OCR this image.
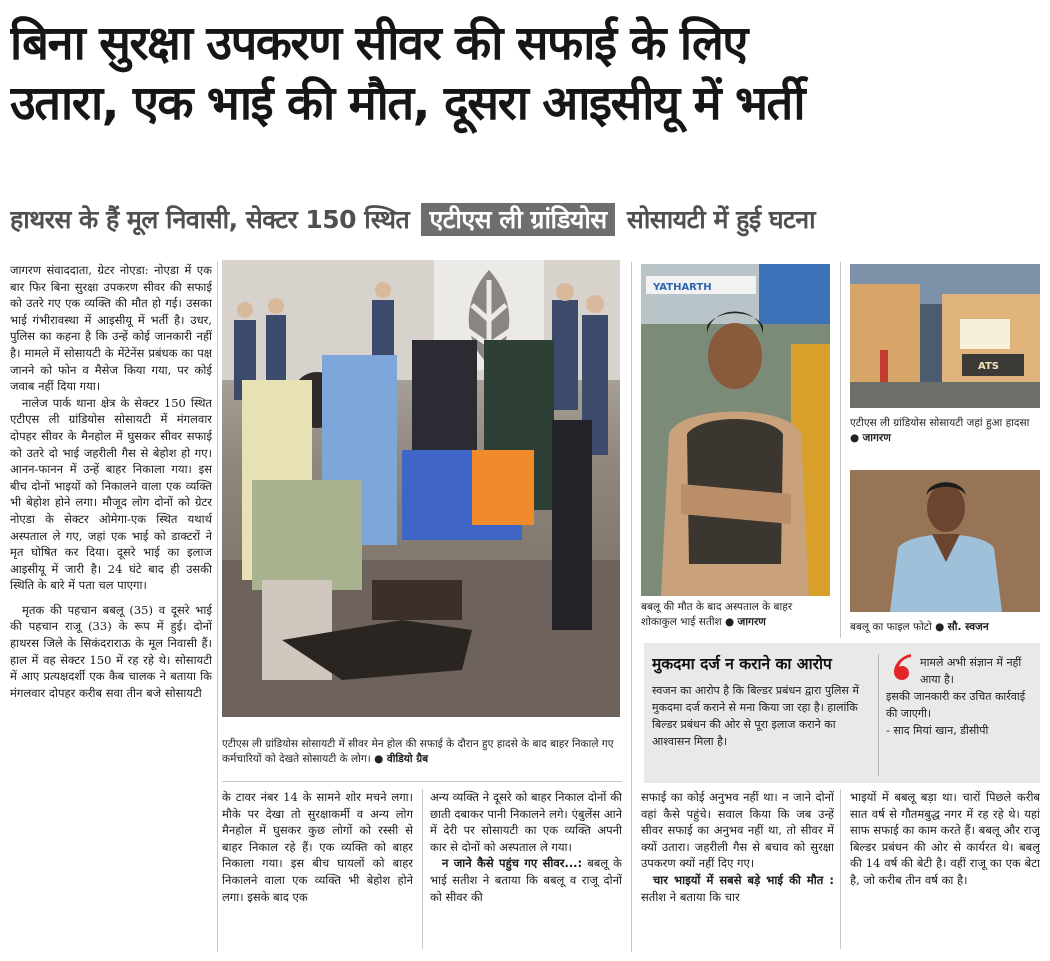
बिना सुरक्षा उपकरण सीवर की सफाई के लिए
उतारा, एक भाई की मौत, दूसरा आइसीयू में भर्ती
हाथरस के हैं मूल निवासी, सेक्टर 150 स्थित एटीएस ली ग्रांडियोस सोसायटी में हुई घटना

जागरण संवाददाता, ग्रेटर नोएडा: नोएडा में एक बार फिर बिना सुरक्षा उपकरण सीवर की सफाई को उतरे गए एक व्यक्ति की मौत हो गई। उसका भाई गंभीरावस्था में आइसीयू में भर्ती है। उधर, पुलिस का कहना है कि उन्हें कोई जानकारी नहीं है। मामले में सोसायटी के मेंटेनेंस प्रबंधक का पक्ष जानने को फोन व मैसेज किया गया, पर कोई जवाब नहीं दिया गया।

नालेज पार्क थाना क्षेत्र के सेक्टर 150 स्थित एटीएस ली ग्रांडियोस सोसायटी में मंगलवार दोपहर सीवर के मैनहोल में घुसकर सीवर सफाई को उतरे दो भाई जहरीली गैस से बेहोश हो गए। आनन-फानन में उन्हें बाहर निकाला गया। इस बीच दोनों भाइयों को निकालने वाला एक व्यक्ति भी बेहोश होने लगा। मौजूद लोग दोनों को ग्रेटर नोएडा के सेक्टर ओमेगा-एक स्थित यथार्थ अस्पताल ले गए, जहां एक भाई को डाक्टरों ने मृत घोषित कर दिया। दूसरे भाई का इलाज आइसीयू में जारी है। 24 घंटे बाद ही उसकी स्थिति के बारे में पता चल पाएगा।

मृतक की पहचान बबलू (35) व दूसरे भाई की पहचान राजू (33) के रूप में हुई। दोनों हाथरस जिले के सिकंदराराऊ के मूल निवासी हैं। हाल में वह सेक्टर 150 में रह रहे थे। सोसायटी में आए प्रत्यक्षदर्शी एक कैब चालक ने बताया कि मंगलवार दोपहर करीब सवा तीन बजे सोसायटी

एटीएस ली ग्रांडियोस सोसायटी में सीवर मेन होल की सफाई के दौरान हुए हादसे के बाद बाहर निकाले गए कर्मचारियों को देखते सोसायटी के लोग। ● वीडियो ग्रैब

के टावर नंबर 14 के सामने शोर मचने लगा। मौके पर देखा तो सुरक्षाकर्मी व अन्य लोग मैनहोल में घुसकर कुछ लोगों को रस्सी से बाहर निकाल रहे हैं। एक व्यक्ति को बाहर निकाला गया। इस बीच घायलों को बाहर निकालने वाला एक व्यक्ति भी बेहोश होने लगा। इसके बाद एक

अन्य व्यक्ति ने दूसरे को बाहर निकाल दोनों की छाती दबाकर पानी निकालने लगे। एंबुलेंस आने में देरी पर सोसायटी का एक व्यक्ति अपनी कार से दोनों को अस्पताल ले गया।

न जाने कैसे पहुंच गए सीवर...: बबलू के भाई सतीश ने बताया कि बबलू व राजू दोनों को सीवर की

YATHARTH
बबलू की मौत के बाद अस्पताल के बाहर शोकाकुल भाई सतीश ● जागरण
ATS
एटीएस ली ग्रांडियोस सोसायटी जहां हुआ हादसा ● जागरण
बबलू का फाइल फोटो ● सौ. स्वजन
मुकदमा दर्ज न कराने का आरोप
स्वजन का आरोप है कि बिल्डर प्रबंधन द्वारा पुलिस में मुकदमा दर्ज कराने से मना किया जा रहा है। हालांकि बिल्डर प्रबंधन की ओर से पूरा इलाज कराने का आश्वासन मिला है।
मामले अभी संज्ञान में नहीं आया है।
इसकी जानकारी कर उचित कार्रवाई की जाएगी।
- साद मियां खान, डीसीपी

सफाई का कोई अनुभव नहीं था। न जाने दोनों वहां कैसे पहुंचे। सवाल किया कि जब उन्हें सीवर सफाई का अनुभव नहीं था, तो सीवर में क्यों उतारा। जहरीली गैस से बचाव को सुरक्षा उपकरण क्यों नहीं दिए गए।

चार भाइयों में सबसे बड़े भाई की मौत : सतीश ने बताया कि चार

भाइयों में बबलू बड़ा था। चारों पिछले करीब सात वर्ष से गौतमबुद्ध नगर में रह रहे थे। यहां साफ सफाई का काम करते हैं। बबलू और राजू बिल्डर प्रबंधन की ओर से कार्यरत थे। बबलू की 14 वर्ष की बेटी है। वहीं राजू का एक बेटा है, जो करीब तीन वर्ष का है।
